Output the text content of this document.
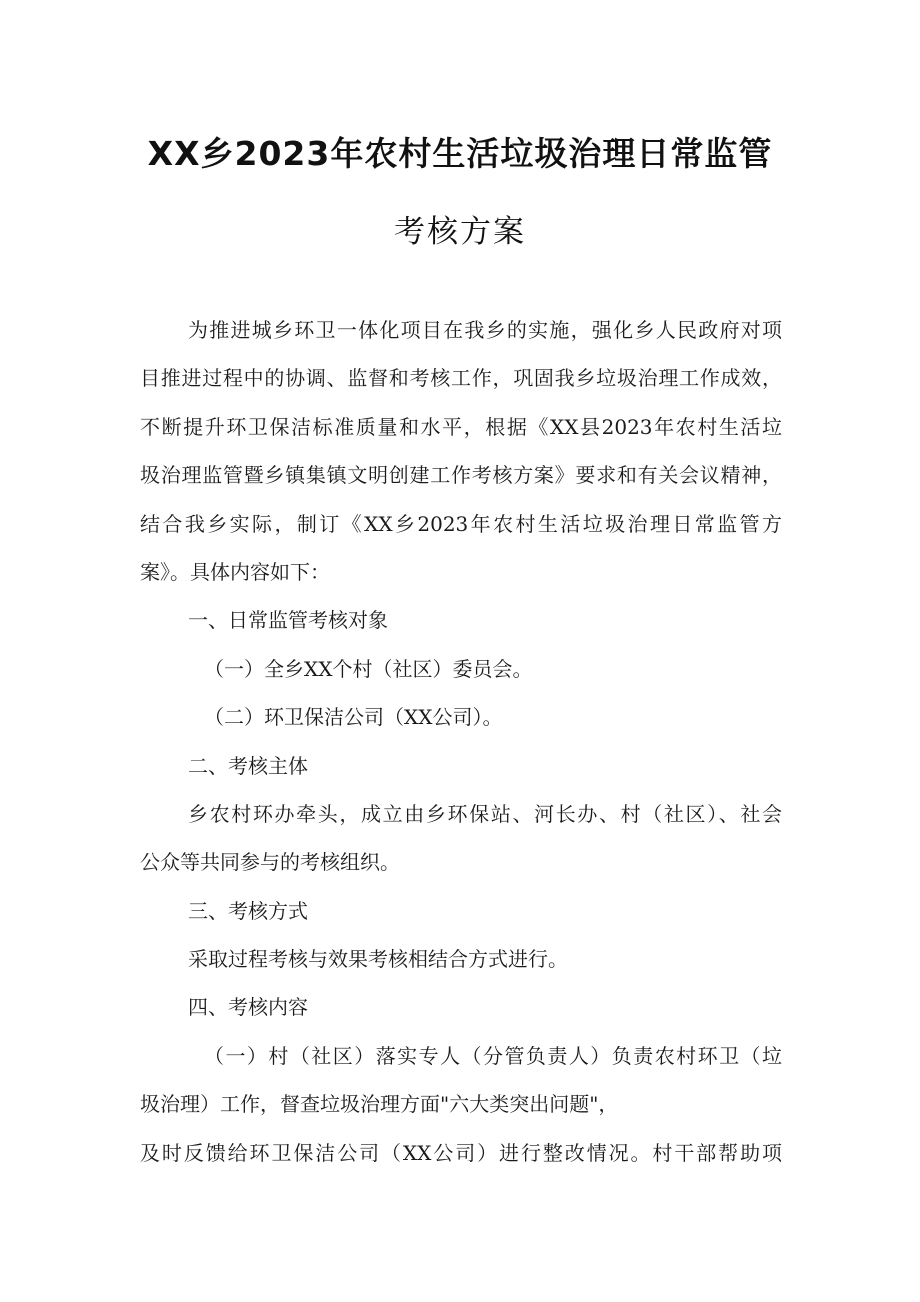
XX乡2023年农村生活垃圾治理日常监管
考核方案
为推进城乡环卫一体化项目在我乡的实施，强化乡人民政府对项
目推进过程中的协调、监督和考核工作，巩固我乡垃圾治理工作成效，
不断提升环卫保洁标准质量和水平，根据《XX县2023年农村生活垃
圾治理监管暨乡镇集镇文明创建工作考核方案》要求和有关会议精神，
结合我乡实际，制订《XX乡2023年农村生活垃圾治理日常监管方
案》。具体内容如下：
一、日常监管考核对象
（一）全乡XX个村（社区）委员会。
（二）环卫保洁公司（XX公司）。
二、考核主体
乡农村环办牵头，成立由乡环保站、河长办、村（社区）、社会
公众等共同参与的考核组织。
三、考核方式
采取过程考核与效果考核相结合方式进行。
四、考核内容
（一）村（社区）落实专人（分管负责人）负责农村环卫（垃
圾治理）工作，督查垃圾治理方面"六大类突出问题"，
及时反馈给环卫保洁公司（XX公司）进行整改情况。村干部帮助项
